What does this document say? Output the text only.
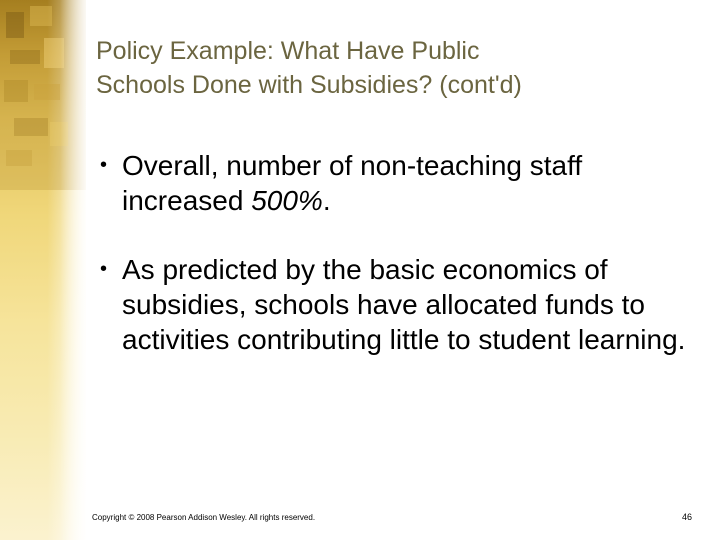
Policy Example: What Have Public
Schools Done with Subsidies? (cont'd)
• Overall, number of non-teaching staff increased 500%.
• As predicted by the basic economics of subsidies, schools have allocated funds to activities contributing little to student learning.
Copyright © 2008 Pearson Addison Wesley. All rights reserved.	46
